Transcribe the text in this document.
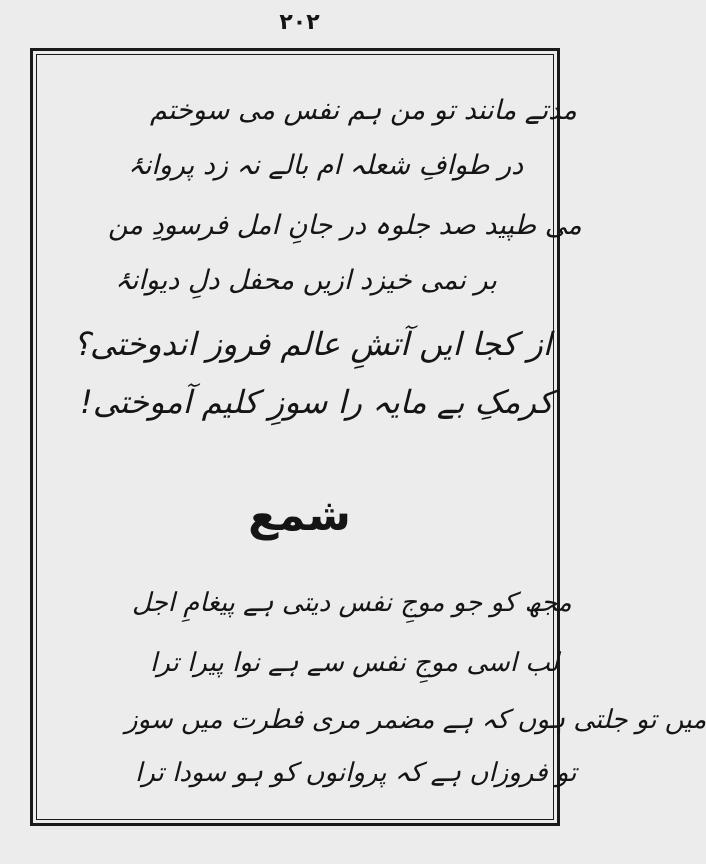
۲۰۲
مدتے مانند تو من ہم نفس می سوختم
در طوافِ شعلہ ام بالے نہ زد پروانۂ
می طپید صد جلوہ در جانِ امل فرسودِ من
بر نمی خیزد ازیں محفل دلِ دیوانۂ
از کجا ایں آتشِ عالم فروز اندوختی؟
کرمکِ بے مایہ را سوزِ کلیم آموختی!
شمع
مجھ کو جو موجِ نفس دیتی ہے پیغامِ اجل
لب اسی موجِ نفس سے ہے نوا پیرا ترا
میں تو جلتی ہوں کہ ہے مضمر مری فطرت میں سوز
تو فروزاں ہے کہ پروانوں کو ہو سودا ترا
